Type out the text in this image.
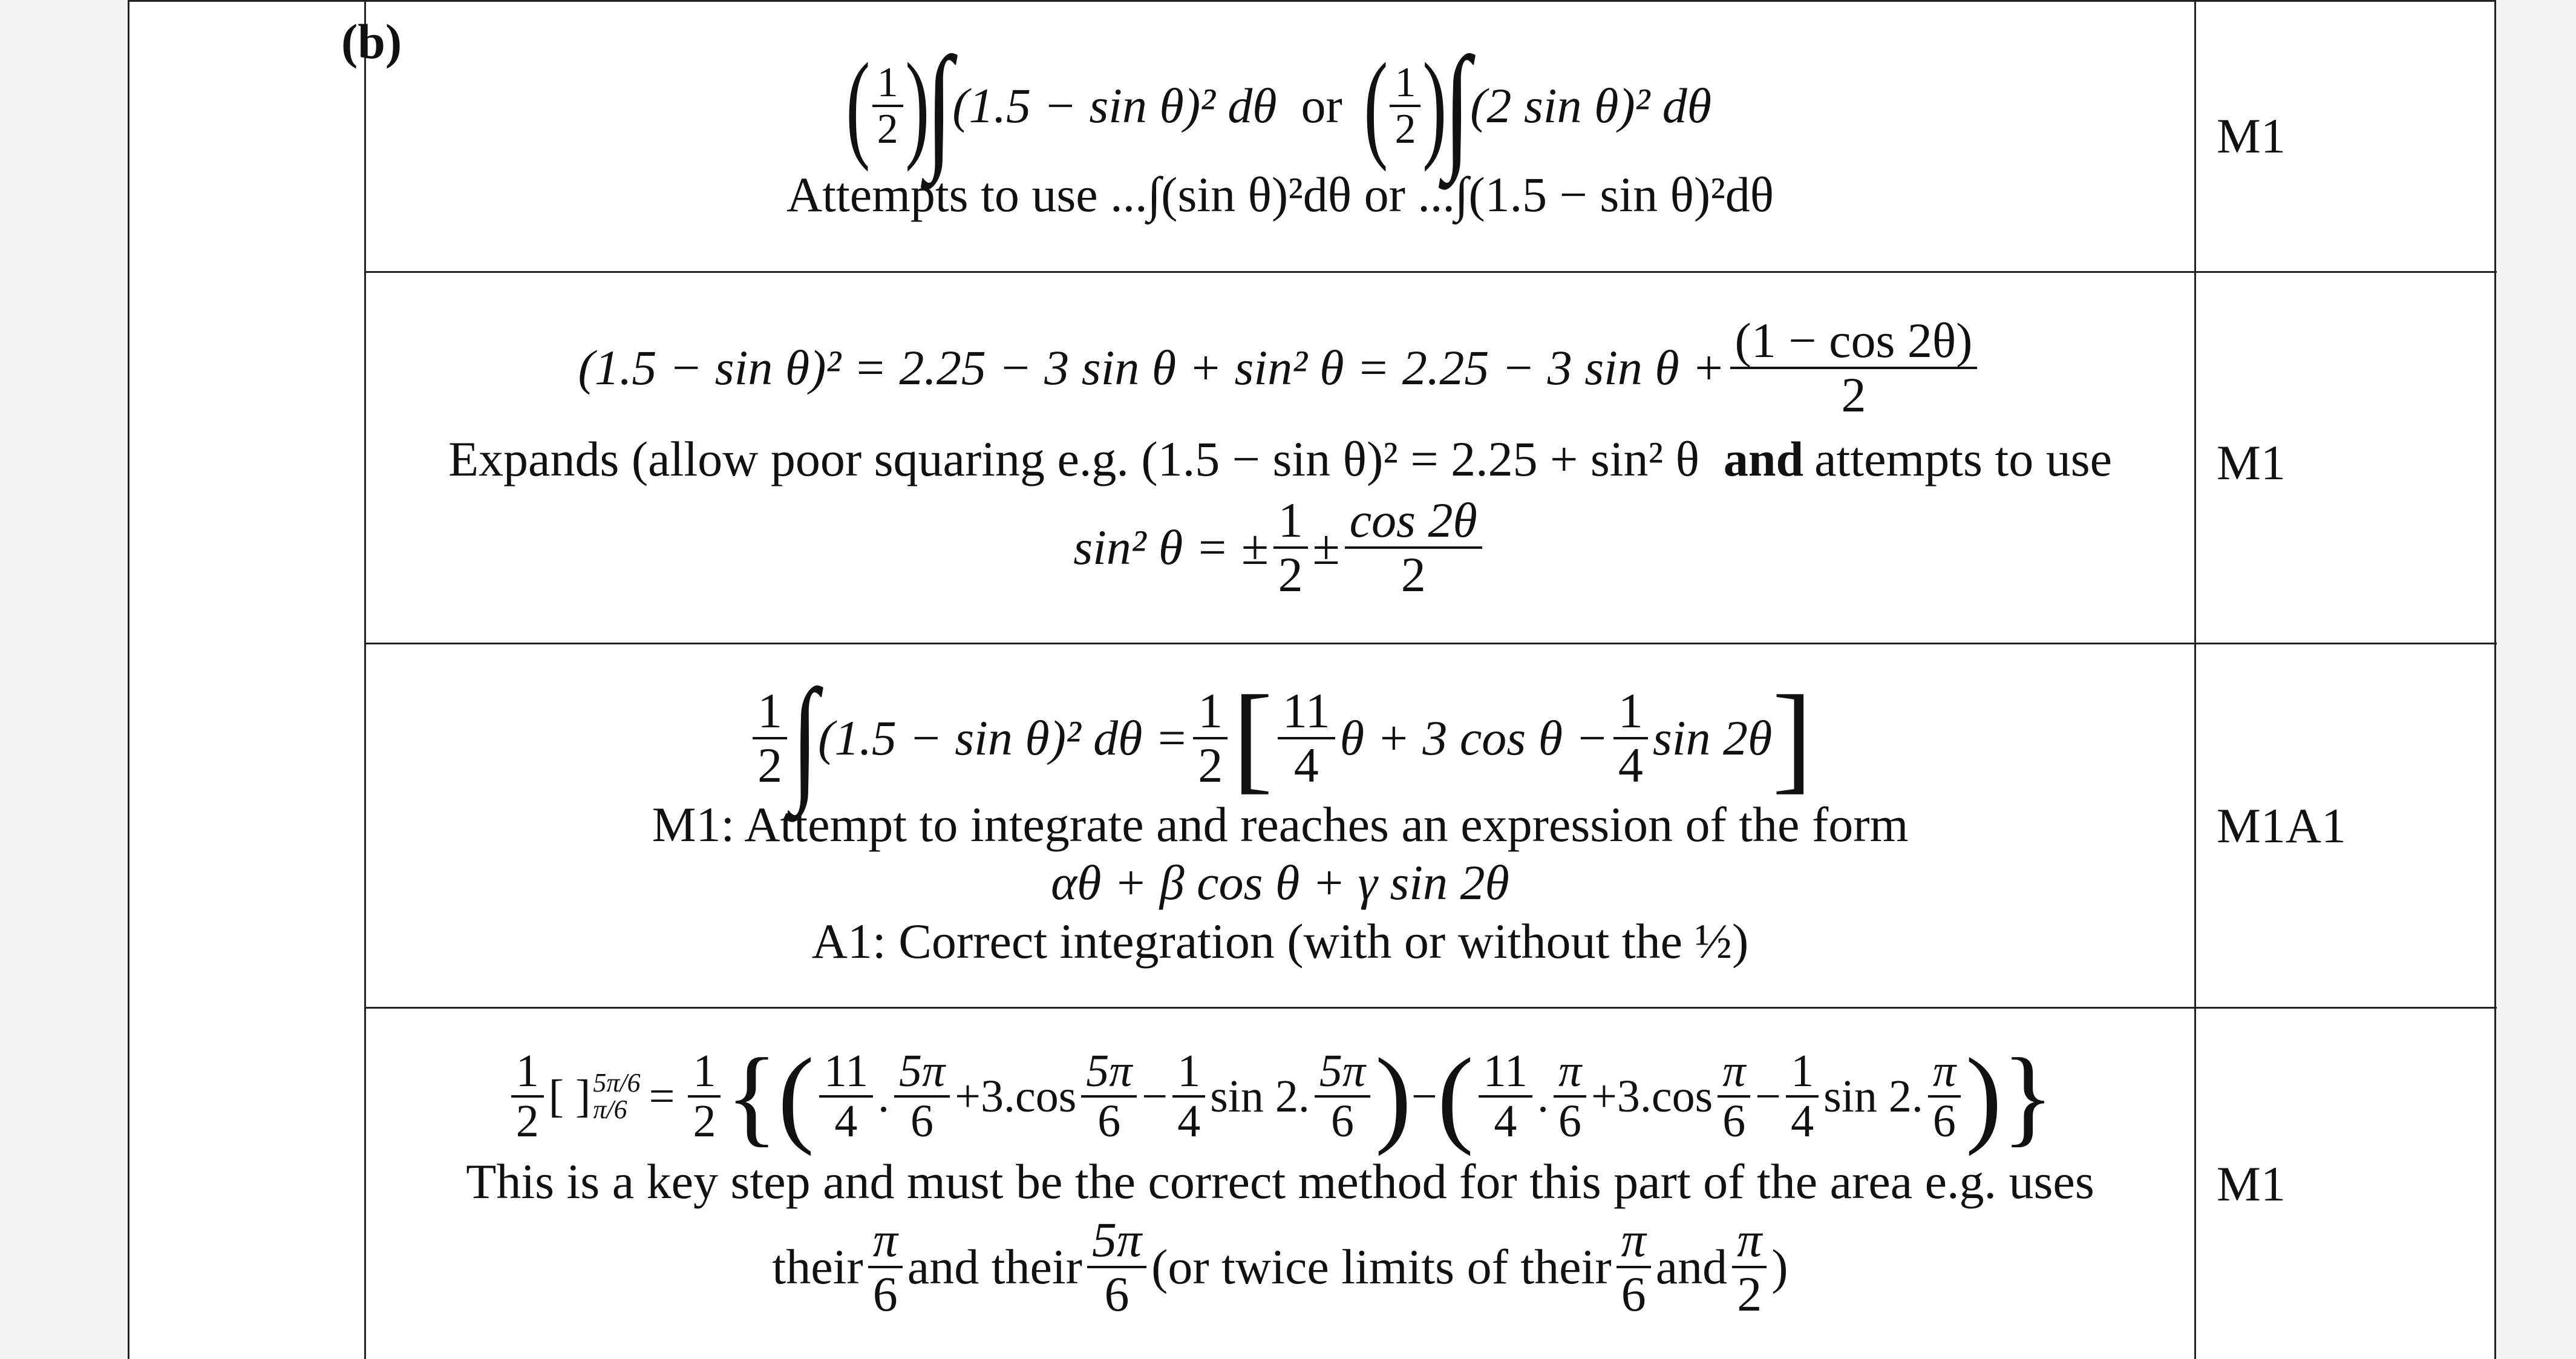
(b)	( $\frac{1}{2}$ )
∫ (1.5 − sin θ)² dθ or ( $\frac{1}{2}$ )
∫ (2 sin θ)² dθ
Attempts to use ...∫(sin θ)²dθ or ...∫(1.5 − sin θ)²dθ
M1
(1.5 − sin θ)² = 2.25 − 3 sin θ + sin² θ = 2.25 − 3 $\sin \theta + \frac{(1 - \cos 2\theta)}{2}$
Expands (allow poor squaring e.g. (1.5 − sin θ)² = 2.25 + sin² θ and attempts to use
sin² θ = ± $\frac{1}{2} \pm \frac{\cos 2\theta}{2}$
M1
$\frac{1}{2}$ ∫ (1.5 − sin θ)² $d\theta = \frac{1}{2}$ [ $\frac{11}{4}$ θ + 3 $\cos \theta - \frac{1}{4}$ sin 2θ ]
M1: Attempt to integrate and reaches an expression of the form
αθ + β cos θ + γ sin 2θ
A1: Correct integration (with or without the ½)
M1A1
$\frac{1}{2}$ [ ] 5π/6
$\pi/6 = \frac{1}{2}$ { ( $\frac{11}{4}$ . $\frac{5\pi}{6} +3.\cos \frac{5\pi}{6} - \frac{1}{4}$ sin 2. $\frac{5\pi}{6}$ ) − ( $\frac{11}{4}$ . $\frac{\pi}{6} +3.\cos \frac{\pi}{6} - \frac{1}{4}$ sin 2. $\frac{\pi}{6}$ ) }
This is a key step and must be the correct method for this part of the area e.g. uses
their $\frac{\pi}{6}$ and their $\frac{5\pi}{6} (or$ twice limits of their $\frac{\pi}{6}$ and $\frac{\pi}{2}$ )
M1
